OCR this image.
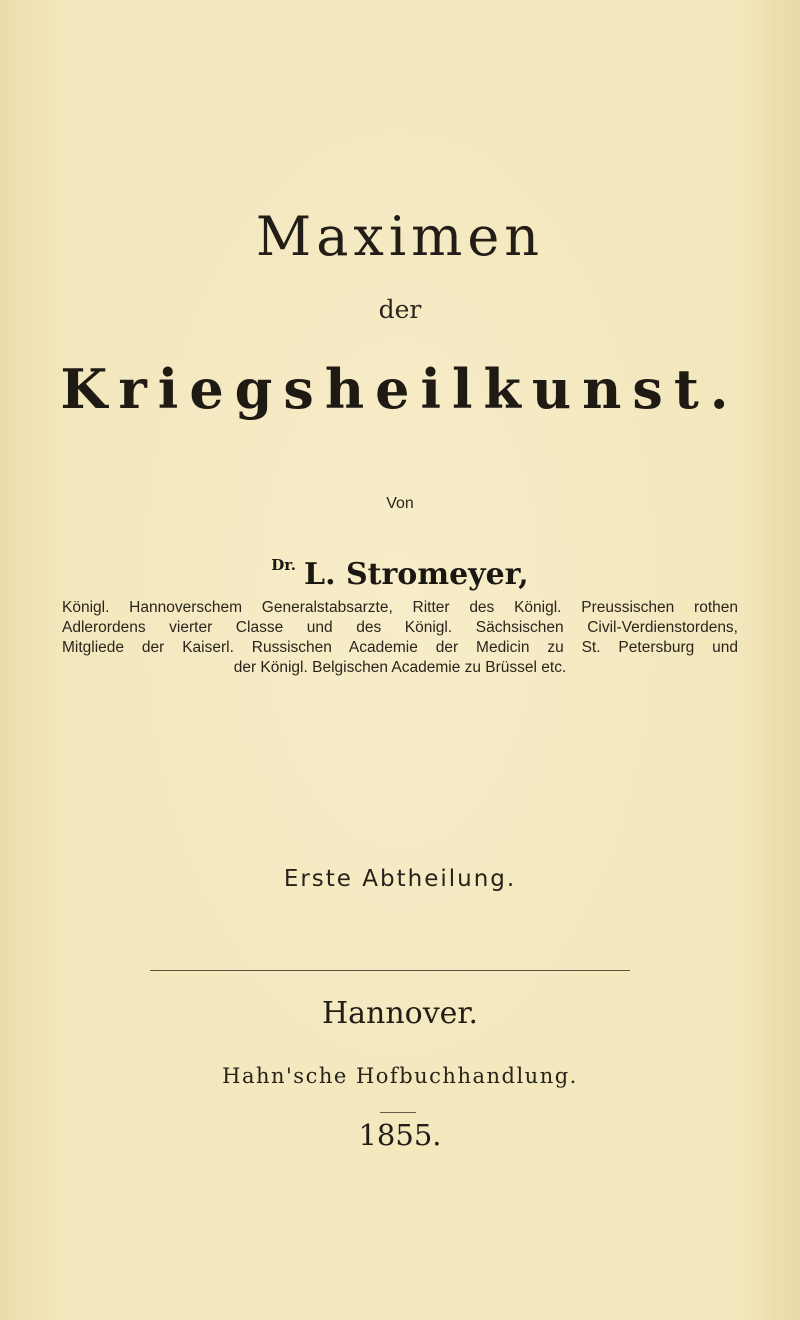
Maximen
der
Kriegsheilkunst.
Von
$^{Dr.}$ L. Stromeyer,
Königl. Hannoverschem Generalstabsarzte, Ritter des Königl. Preussischen rothen
Adlerordens vierter Classe und des Königl. Sächsischen Civil-Verdienstordens,
Mitgliede der Kaiserl. Russischen Academie der Medicin zu St. Petersburg und
der Königl. Belgischen Academie zu Brüssel etc.
Erste Abtheilung.
Hannover.
Hahn'sche Hofbuchhandlung.
1855.
